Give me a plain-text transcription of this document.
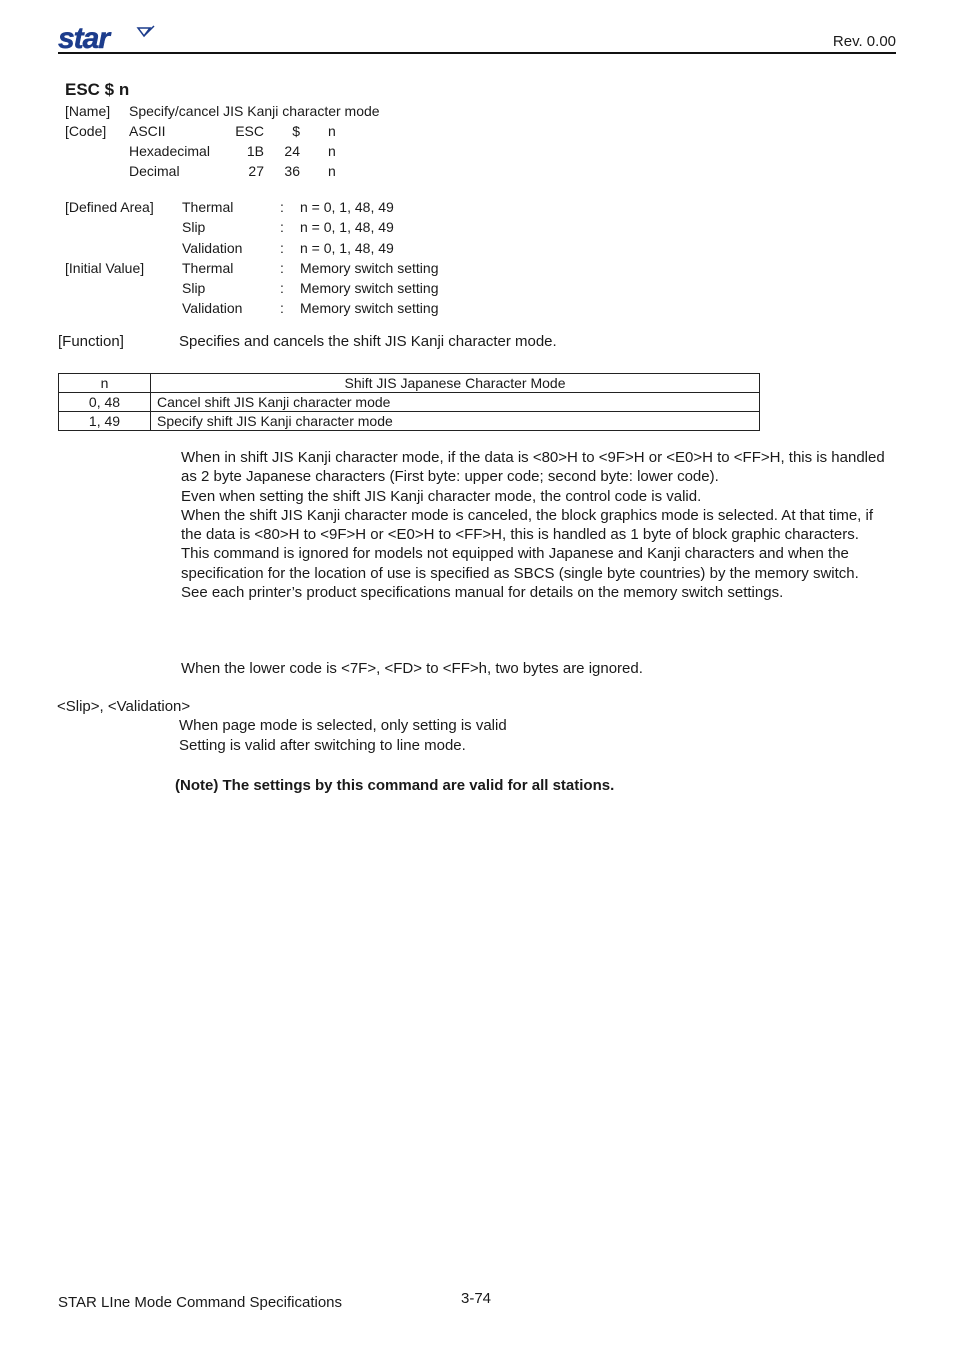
star	Rev. 0.00
ESC $ n
[Name] Specify/cancel JIS Kanji character mode
[Code] ASCII	ESC	$ n
Hexadecimal	1B	24 n
Decimal	27	36 n
[Defined Area] Thermal	: n = 0, 1, 48, 49
Slip	: n = 0, 1, 48, 49
Validation	: n = 0, 1, 48, 49
[Initial Value]	Thermal	: Memory switch setting
Slip	: Memory switch setting
Validation	: Memory switch setting
[Function]	Specifies and cancels the shift JIS Kanji character mode.
n	Shift JIS Japanese Character Mode
0, 48	Cancel shift JIS Kanji character mode
1, 49	Specify shift JIS Kanji character mode

When in shift JIS Kanji character mode, if the data is <80>H to <9F>H or <E0>H to <FF>H, this is handled as 2 byte Japanese characters (First byte: upper code; second byte: lower code).

Even when setting the shift JIS Kanji character mode, the control code is valid.

When the shift JIS Kanji character mode is canceled, the block graphics mode is selected. At that time, if the data is <80>H to <9F>H or <E0>H to <FF>H, this is handled as 1 byte of block graphic characters.

This command is ignored for models not equipped with Japanese and Kanji characters and when the specification for the location of use is specified as SBCS (single byte countries) by the memory switch.

See each printer’s product specifications manual for details on the memory switch settings.

When the lower code is <7F>, <FD> to <FF>h, two bytes are ignored.
<Slip>, <Validation>
When page mode is selected, only setting is valid
Setting is valid after switching to line mode.
(Note) The settings by this command are valid for all stations.
STAR LIne Mode Command Specifications	3-74
